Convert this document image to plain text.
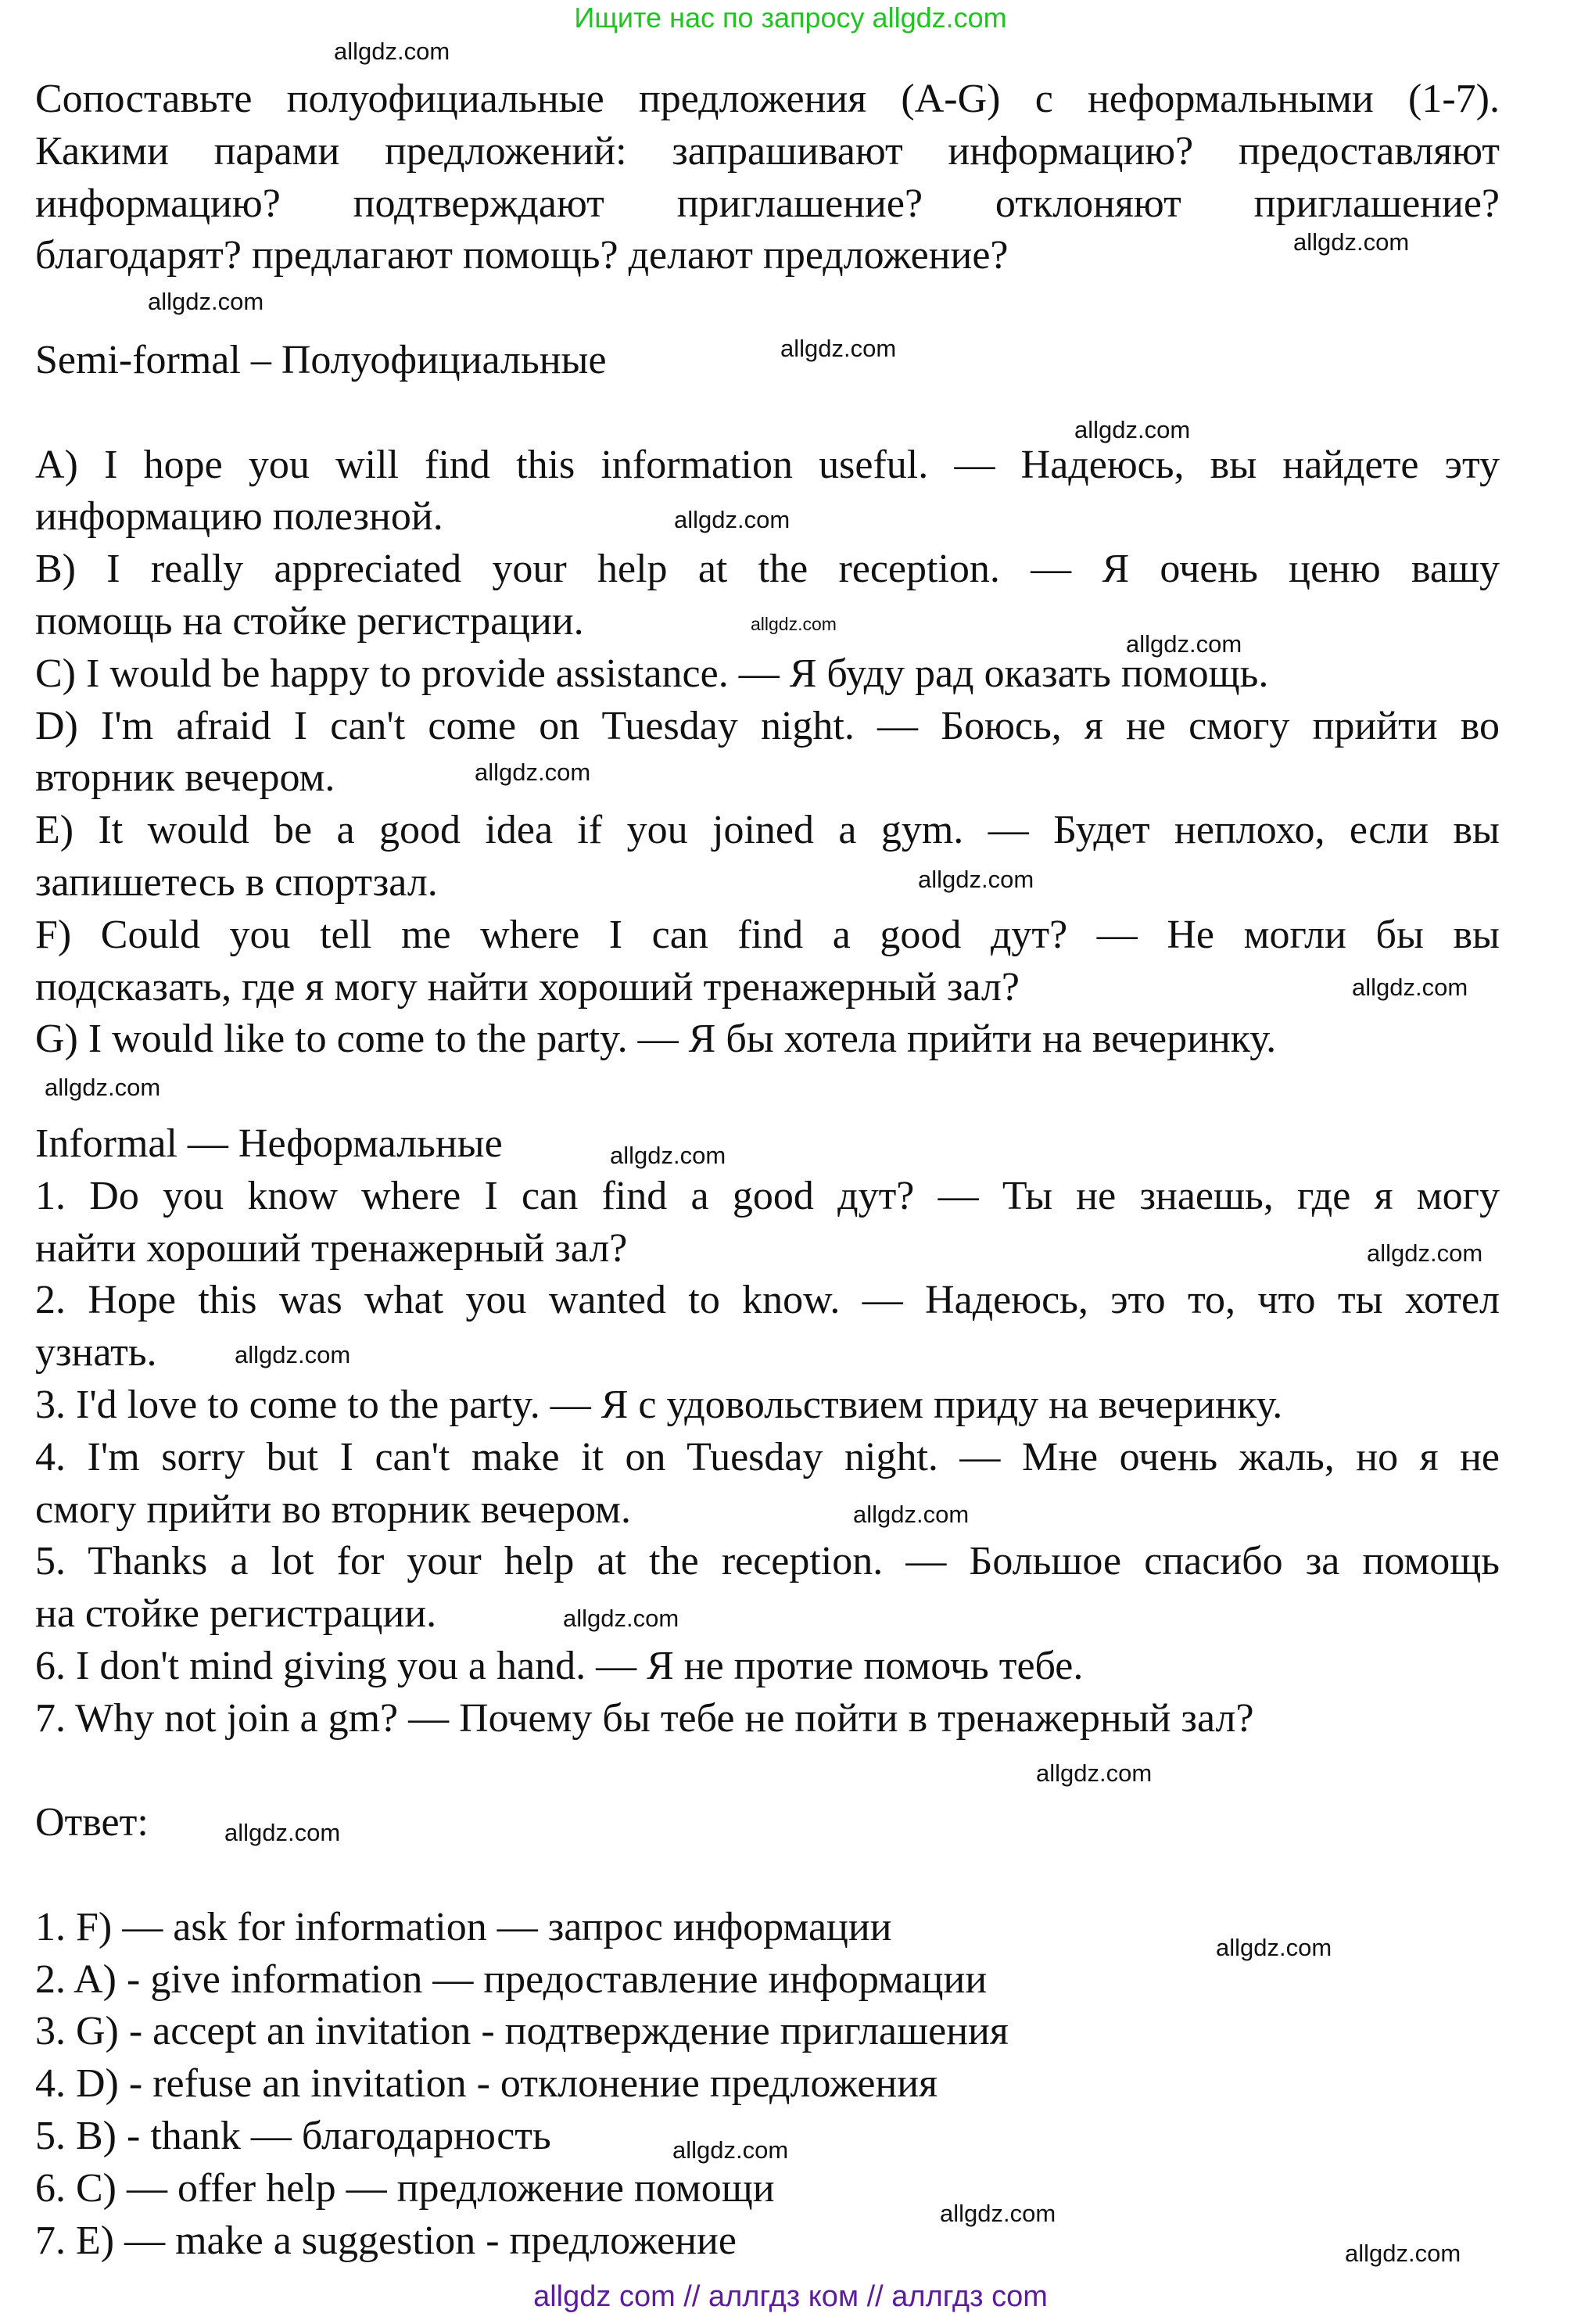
Ищите нас по запросу allgdz.com
Сопоставьте полуофициальные предложения (A-G) с неформальными (1-7).
Какими парами предложений: запрашивают информацию? предоставляют
информацию? подтверждают приглашение? отклоняют приглашение?
благодарят? предлагают помощь? делают предложение?
Semi-formal – Полуофициальные
A) I hope you will find this information useful. — Надеюсь, вы найдете эту
информацию полезной.
B) I really appreciated your help at the reception. — Я очень ценю вашу
помощь на стойке регистрации.
C) I would be happy to provide assistance. — Я буду рад оказать помощь.
D) I'm afraid I can't come on Tuesday night. — Боюсь, я не смогу прийти во
вторник вечером.
E) It would be a good idea if you joined a gym. — Будет неплохо, если вы
запишетесь в спортзал.
F) Could you tell me where I can find a good дут? — Не могли бы вы
подсказать, где я могу найти хороший тренажерный зал?
G) I would like to come to the party. — Я бы хотела прийти на вечеринку.
Informal — Неформальные
1. Do you know where I can find a good дут? — Ты не знаешь, где я могу
найти хороший тренажерный зал?
2. Hope this was what you wanted to know. — Надеюсь, это то, что ты хотел
узнать.
3. I'd love to come to the party. — Я с удовольствием приду на вечеринку.
4. I'm sorry but I can't make it on Tuesday night. — Мне очень жаль, но я не
смогу прийти во вторник вечером.
5. Thanks a lot for your help at the reception. — Большое спасибо за помощь
на стойке регистрации.
6. I don't mind giving you a hand. — Я не протие помочь тебе.
7. Why not join a gm? — Почему бы тебе не пойти в тренажерный зал?
Ответ:
1. F) — ask for information — запрос информации
2. A) - give information — предоставление информации
3. G) - accept an invitation - подтверждение приглашения
4. D) - refuse an invitation - отклонение предложения
5. B) - thank — благодарность
6. C) — offer help — предложение помощи
7. E) — make a suggestion - предложение
allgdz.com
allgdz.com
allgdz.com
allgdz.com
allgdz.com
allgdz.com
allgdz.com
allgdz.com
allgdz.com
allgdz.com
allgdz.com
allgdz.com
allgdz.com
allgdz.com
allgdz.com
allgdz.com
allgdz.com
allgdz.com
allgdz.com
allgdz.com
allgdz.com
allgdz.com
allgdz.com
allgdz com // аллгдз ком // аллгдз com
